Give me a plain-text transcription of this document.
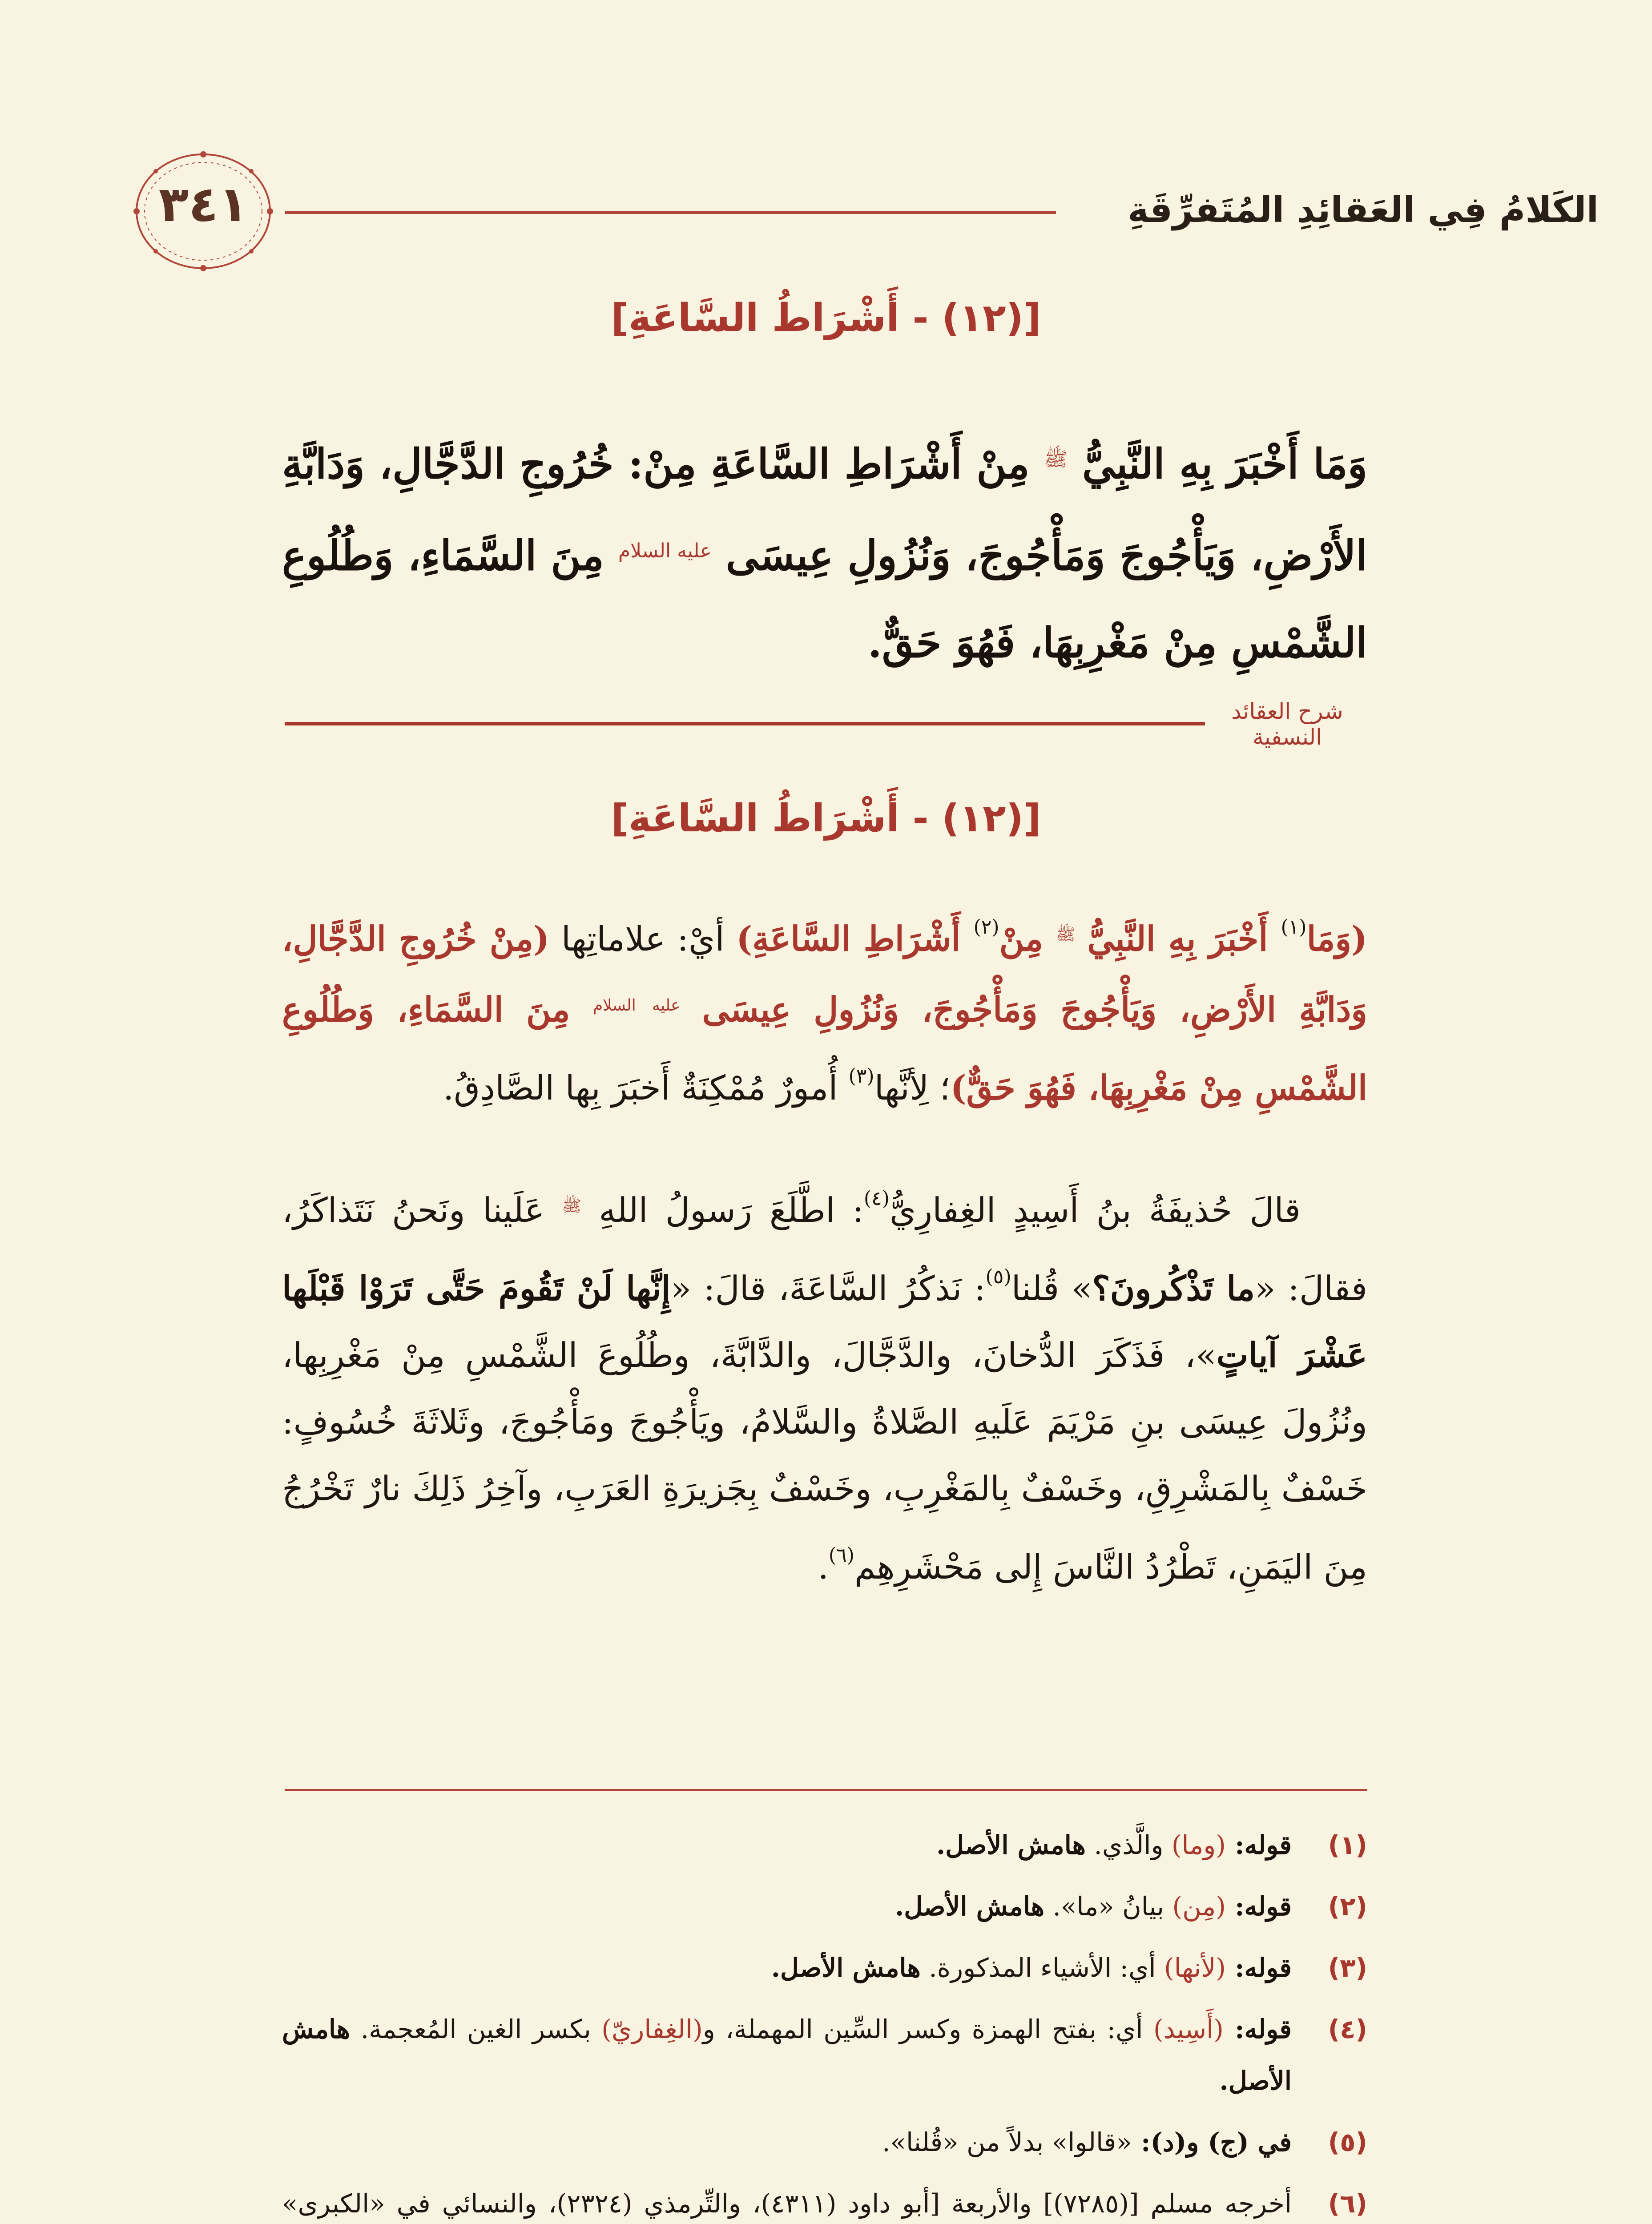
الكَلامُ فِي العَقائِدِ المُتَفرِّقَةِ
٣٤١
[(١٢) - أَشْرَاطُ السَّاعَةِ]
وَمَا أَخْبَرَ بِهِ النَّبِيُّ $^ﷺ$ مِنْ أَشْرَاطِ السَّاعَةِ مِنْ: خُرُوجِ الدَّجَّالِ، وَدَابَّةِ الأَرْضِ، وَيَأْجُوجَ وَمَأْجُوجَ، وَنُزُولِ عِيسَى $^{عليه السلام}$ مِنَ السَّمَاءِ، وَطُلُوعِ الشَّمْسِ مِنْ مَغْرِبِهَا، فَهُوَ حَقٌّ.
شرح العقائد النسفية
[(١٢) - أَشْرَاطُ السَّاعَةِ]
(وَمَا$^{(١)}$ أَخْبَرَ بِهِ النَّبِيُّ $^ﷺ$ مِنْ$^{(٢)}$ أَشْرَاطِ السَّاعَةِ) أيْ: علاماتِها (مِنْ خُرُوجِ الدَّجَّالِ، وَدَابَّةِ الأَرْضِ، وَيَأْجُوجَ وَمَأْجُوجَ، وَنُزُولِ عِيسَى $^{عليه السلام}$ مِنَ السَّمَاءِ، وَطُلُوعِ الشَّمْسِ مِنْ مَغْرِبِهَا، فَهُوَ حَقٌّ)؛ لِأنَّها$^{(٣)}$ أُمورٌ مُمْكِنَةٌ أَخبَرَ بِها الصَّادِقُ.
قالَ حُذيفَةُ بنُ أَسِيدٍ الغِفارِيُّ$^{(٤)}$: اطَّلَعَ رَسولُ اللهِ $^ﷺ$ عَلَينا ونَحنُ نَتَذاكَرُ، فقالَ: «ما تَذْكُرونَ؟» قُلنا$^{(٥)}$: نَذكُرُ السَّاعَةَ، قالَ: «إِنَّها لَنْ تَقُومَ حَتَّى تَرَوْا قَبْلَها عَشْرَ آياتٍ»، فَذَكَرَ الدُّخانَ، والدَّجَّالَ، والدَّابَّةَ، وطُلُوعَ الشَّمْسِ مِنْ مَغْرِبِها، ونُزُولَ عِيسَى بنِ مَرْيَمَ عَلَيهِ الصَّلاةُ والسَّلامُ، ويَأْجُوجَ ومَأْجُوجَ، وثَلاثَةَ خُسُوفٍ: خَسْفٌ بِالمَشْرِقِ، وخَسْفٌ بِالمَغْرِبِ، وخَسْفٌ بِجَزيرَةِ العَرَبِ، وآخِرُ ذَلِكَ نارٌ تَخْرُجُ مِنَ اليَمَنِ، تَطْرُدُ النَّاسَ إِلى مَحْشَرِهِم$^{(٦)}$.
(١)
قوله: (وما) والَّذي. هامش الأصل.
(٢)
قوله: (مِن) بيانُ «ما». هامش الأصل.
(٣)
قوله: (لأنها) أي: الأشياء المذكورة. هامش الأصل.
(٤)
قوله: (أَسِيد) أي: بفتح الهمزة وكسر السِّين المهملة، و(الغِفاريّ) بكسر الغين المُعجمة. هامش الأصل.
(٥)
في (ج) و(د): «قالوا» بدلاً من «قُلنا».
(٦)
أخرجه مسلم [(٧٢٨٥)] والأربعة [أبو داود (٤٣١١)، والتِّرمذي (٢٣٢٤)، والنسائي في «الكبرى»
